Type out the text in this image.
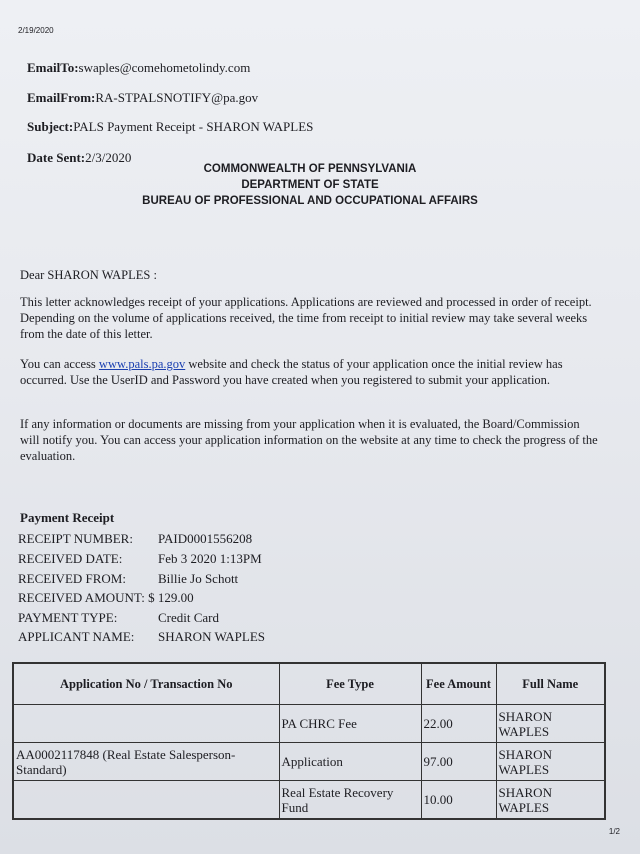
2/19/2020
EmailTo:swaples@comehometolindy.com
EmailFrom:RA-STPALSNOTIFY@pa.gov
Subject:PALS Payment Receipt - SHARON WAPLES
Date Sent:2/3/2020
COMMONWEALTH OF PENNSYLVANIA
DEPARTMENT OF STATE
BUREAU OF PROFESSIONAL AND OCCUPATIONAL AFFAIRS
Dear SHARON WAPLES :
This letter acknowledges receipt of your applications. Applications are reviewed and processed in order of receipt. Depending on the volume of applications received, the time from receipt to initial review may take several weeks from the date of this letter.
You can access www.pals.pa.gov website and check the status of your application once the initial review has occurred. Use the UserID and Password you have created when you registered to submit your application.
If any information or documents are missing from your application when it is evaluated, the Board/Commission will notify you. You can access your application information on the website at any time to check the progress of the evaluation.
Payment Receipt
RECEIPT NUMBER: PAID0001556208
RECEIVED DATE:	Feb 3 2020 1:13PM
RECEIVED FROM: Billie Jo Schott
RECEIVED AMOUNT: $ 129.00
PAYMENT TYPE:	Credit Card
APPLICANT NAME: SHARON WAPLES
Application No / Transaction No	Fee Type	Fee Amount	Full Name
	PA CHRC Fee	22.00	SHARON WAPLES
AA0002117848 (Real Estate Salesperson-Standard)	Application	97.00	SHARON WAPLES
	Real Estate Recovery Fund	10.00	SHARON WAPLES
1/2
